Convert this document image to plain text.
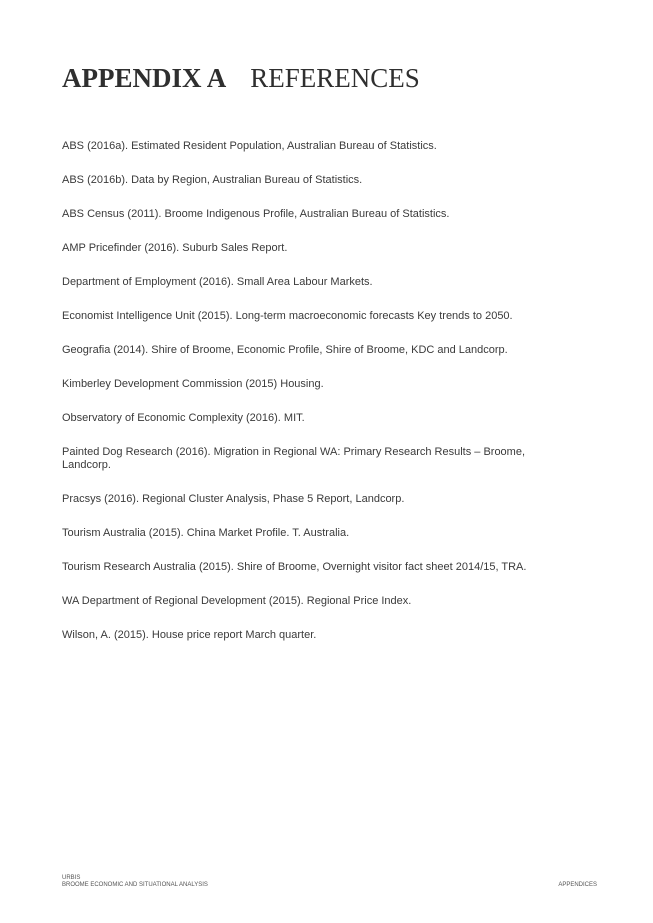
APPENDIX A REFERENCES
ABS (2016a). Estimated Resident Population, Australian Bureau of Statistics.
ABS (2016b). Data by Region, Australian Bureau of Statistics.
ABS Census (2011). Broome Indigenous Profile, Australian Bureau of Statistics.
AMP Pricefinder (2016). Suburb Sales Report.
Department of Employment (2016). Small Area Labour Markets.
Economist Intelligence Unit (2015). Long-term macroeconomic forecasts Key trends to 2050.
Geografia (2014). Shire of Broome, Economic Profile, Shire of Broome, KDC and Landcorp.
Kimberley Development Commission (2015) Housing.
Observatory of Economic Complexity (2016). MIT.
Painted Dog Research (2016). Migration in Regional WA: Primary Research Results – Broome, Landcorp.
Pracsys (2016). Regional Cluster Analysis, Phase 5 Report, Landcorp.
Tourism Australia (2015). China Market Profile. T. Australia.
Tourism Research Australia (2015). Shire of Broome, Overnight visitor fact sheet 2014/15, TRA.
WA Department of Regional Development (2015). Regional Price Index.
Wilson, A. (2015). House price report March quarter.
URBIS
BROOME ECONOMIC AND SITUATIONAL ANALYSIS	APPENDICES
